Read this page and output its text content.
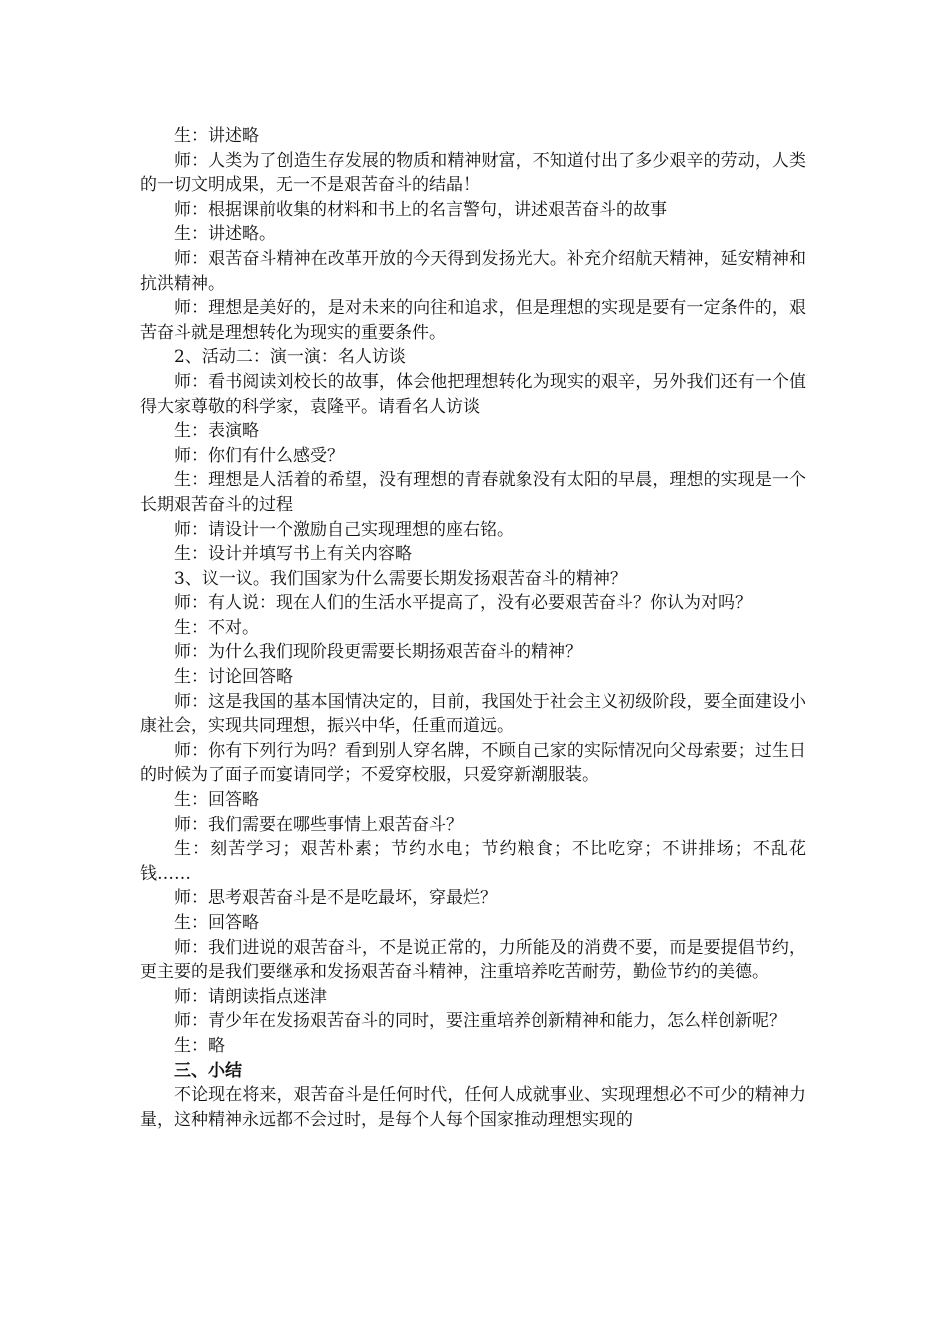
生：讲述略

师：人类为了创造生存发展的物质和精神财富，不知道付出了多少艰辛的劳动，人类的一切文明成果，无一不是艰苦奋斗的结晶！

师：根据课前收集的材料和书上的名言警句，讲述艰苦奋斗的故事

生：讲述略。

师：艰苦奋斗精神在改革开放的今天得到发扬光大。补充介绍航天精神，延安精神和抗洪精神。

师：理想是美好的，是对未来的向往和追求，但是理想的实现是要有一定条件的，艰苦奋斗就是理想转化为现实的重要条件。

2、活动二：演一演：名人访谈

师：看书阅读刘校长的故事，体会他把理想转化为现实的艰辛，另外我们还有一个值得大家尊敬的科学家，袁隆平。请看名人访谈

生：表演略

师：你们有什么感受？

生：理想是人活着的希望，没有理想的青春就象没有太阳的早晨，理想的实现是一个长期艰苦奋斗的过程

师：请设计一个激励自己实现理想的座右铭。

生：设计并填写书上有关内容略

3、议一议。我们国家为什么需要长期发扬艰苦奋斗的精神？

师：有人说：现在人们的生活水平提高了，没有必要艰苦奋斗？你认为对吗？

生：不对。

师：为什么我们现阶段更需要长期扬艰苦奋斗的精神？

生：讨论回答略

师：这是我国的基本国情决定的，目前，我国处于社会主义初级阶段，要全面建设小康社会，实现共同理想，振兴中华，任重而道远。

师：你有下列行为吗？看到别人穿名牌，不顾自己家的实际情况向父母索要；过生日的时候为了面子而宴请同学；不爱穿校服，只爱穿新潮服装。

生：回答略

师：我们需要在哪些事情上艰苦奋斗？

生：刻苦学习；艰苦朴素；节约水电；节约粮食；不比吃穿；不讲排场；不乱花钱……

师：思考艰苦奋斗是不是吃最坏，穿最烂？

生：回答略

师：我们进说的艰苦奋斗，不是说正常的，力所能及的消费不要，而是要提倡节约，更主要的是我们要继承和发扬艰苦奋斗精神，注重培养吃苦耐劳，勤俭节约的美德。

师：请朗读指点迷津

师：青少年在发扬艰苦奋斗的同时，要注重培养创新精神和能力，怎么样创新呢？

生：略

三、小结

不论现在将来，艰苦奋斗是任何时代，任何人成就事业、实现理想必不可少的精神力量，这种精神永远都不会过时，是每个人每个国家推动理想实现的
